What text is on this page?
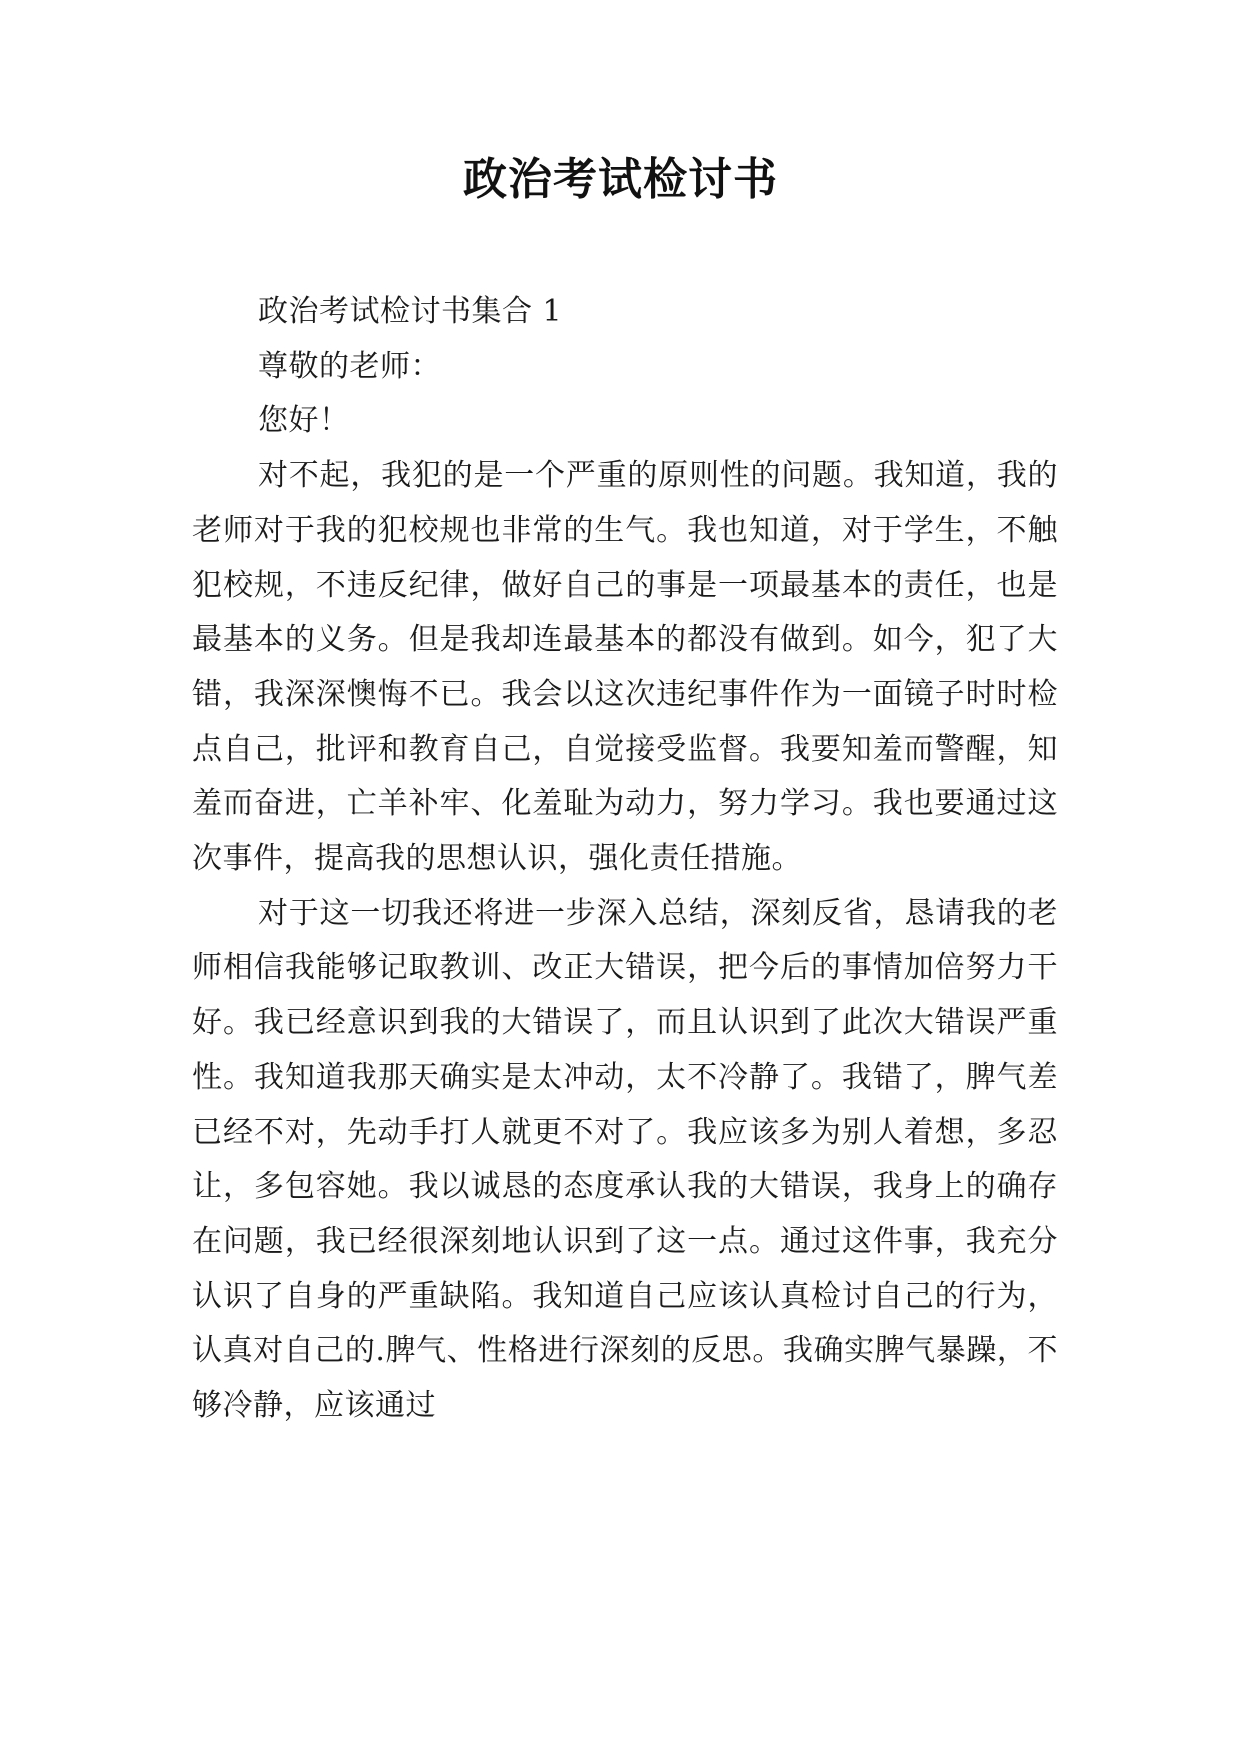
政治考试检讨书

政治考试检讨书集合 1

尊敬的老师：

您好！

对不起，我犯的是一个严重的原则性的问题。我知道，我的老师对于我的犯校规也非常的生气。我也知道，对于学生，不触犯校规，不违反纪律，做好自己的事是一项最基本的责任，也是最基本的义务。但是我却连最基本的都没有做到。如今，犯了大错，我深深懊悔不已。我会以这次违纪事件作为一面镜子时时检点自己，批评和教育自己，自觉接受监督。我要知羞而警醒，知羞而奋进，亡羊补牢、化羞耻为动力，努力学习。我也要通过这次事件，提高我的思想认识，强化责任措施。

对于这一切我还将进一步深入总结，深刻反省，恳请我的老师相信我能够记取教训、改正大错误，把今后的事情加倍努力干好。我已经意识到我的大错误了，而且认识到了此次大错误严重性。我知道我那天确实是太冲动，太不冷静了。我错了，脾气差已经不对，先动手打人就更不对了。我应该多为别人着想，多忍让，多包容她。我以诚恳的态度承认我的大错误，我身上的确存在问题，我已经很深刻地认识到了这一点。通过这件事，我充分认识了自身的严重缺陷。我知道自己应该认真检讨自己的行为，认真对自己的.脾气、性格进行深刻的反思。我确实脾气暴躁，不够冷静，应该通过
